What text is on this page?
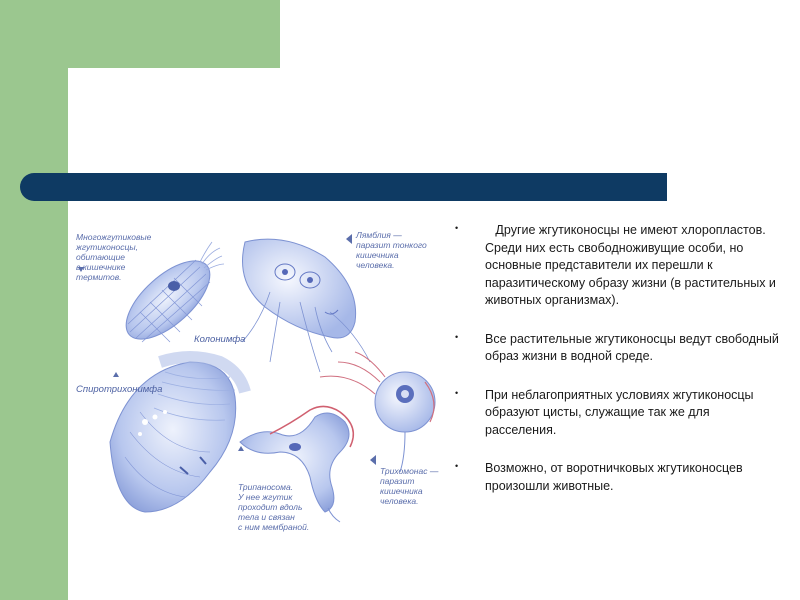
Многожгутиковые жгутиконосцы, обитающие в кишечнике термитов.
Лямблия — паразит тонкого кишечника человека.
Колонимфа
Спиротрихонимфа
Трипаносома. У нее жгутик проходит вдоль тела и связан с ним мембраной.
Трихомонас — паразит кишечника человека.
• Другие жгутиконосцы не имеют хлоропластов.  Среди них есть свободноживущие особи, но основные представители их перешли к паразитическому образу жизни (в растительных и животных организмах).
• Все растительные жгутиконосцы ведут свободный образ жизни в водной среде.
• При неблагоприятных условиях жгутиконосцы образуют цисты, служащие так же для расселения.
• Возможно, от воротничковых жгутиконосцев произошли животные.
